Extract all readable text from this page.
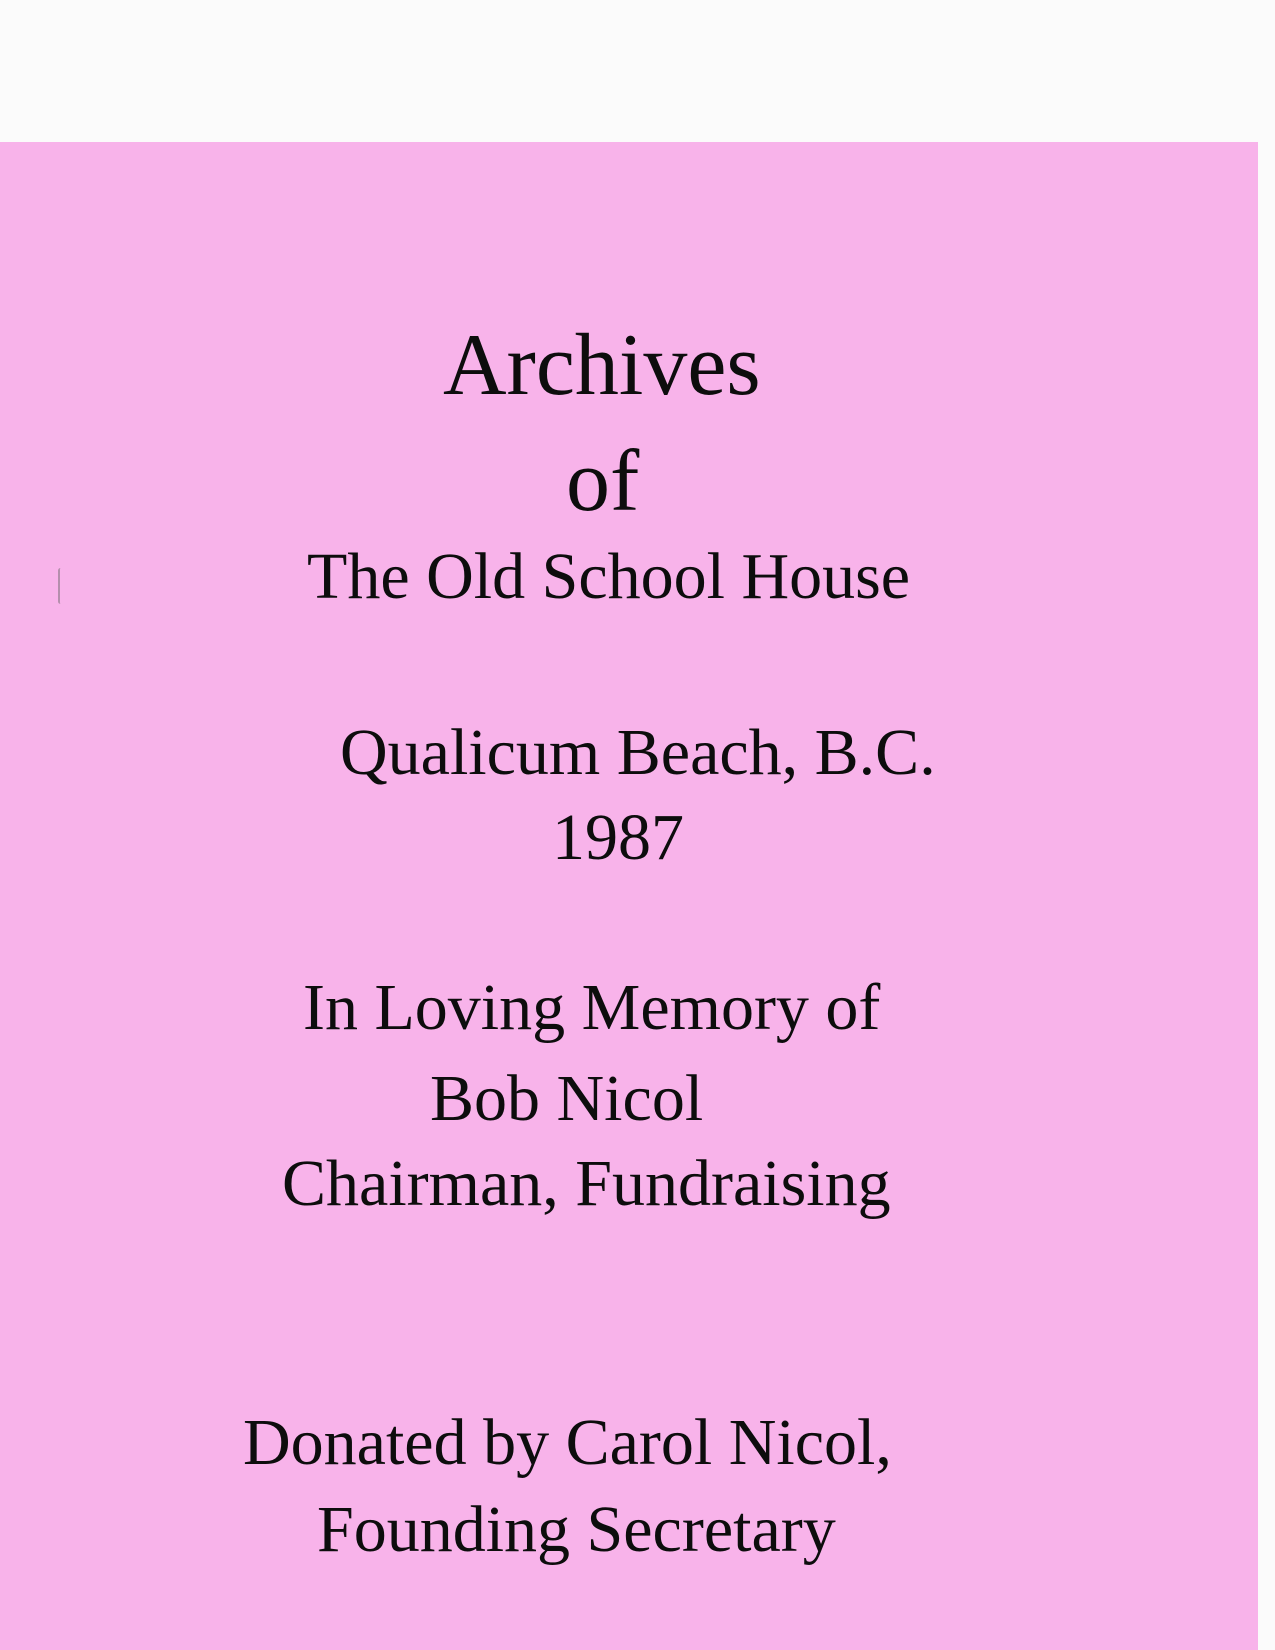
Archives
of
The Old School House
Qualicum Beach, B.C.
1987
In Loving Memory of
Bob Nicol
Chairman, Fundraising
Donated by Carol Nicol,
Founding Secretary
